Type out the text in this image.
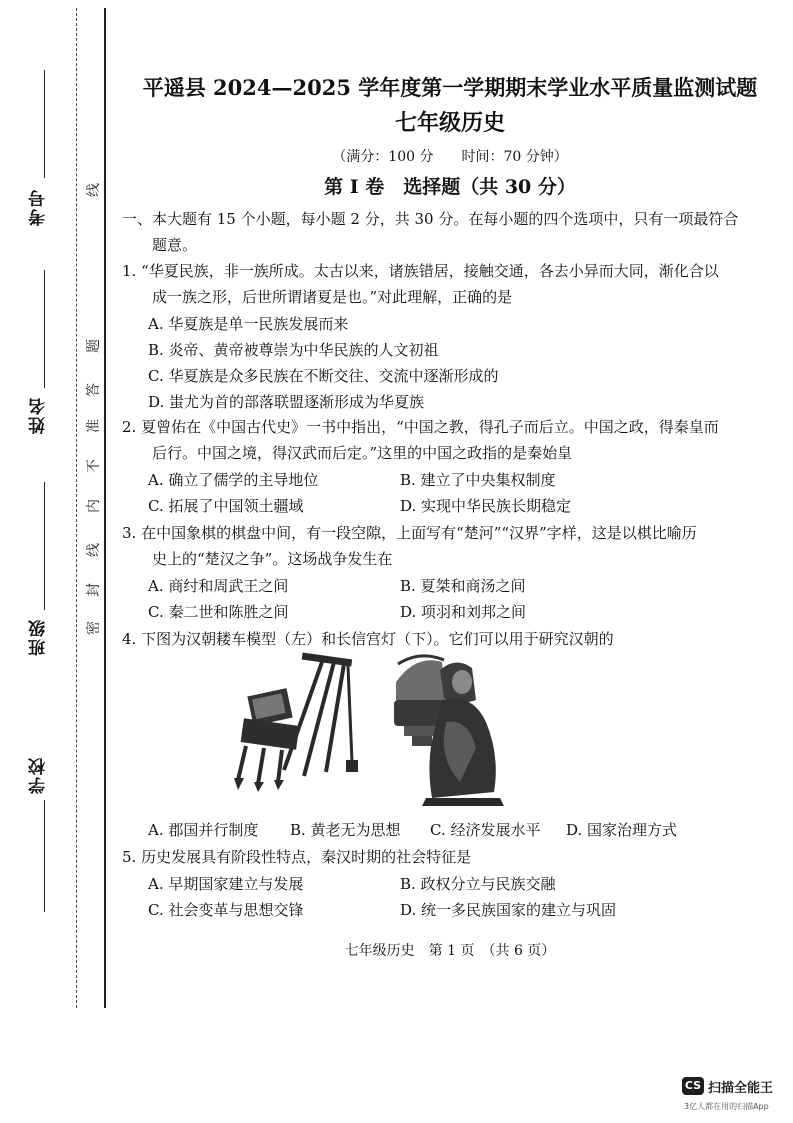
考号
姓名
班级
学校
线
题
答
准
不
内
线
封
密
平遥县 2024—2025 学年度第一学期期末学业水平质量监测试题
七年级历史
（满分：100 分　　时间：70 分钟）
第 I 卷　选择题（共 30 分）
一、本大题有 15 个小题，每小题 2 分，共 30 分。在每小题的四个选项中，只有一项最符合
题意。
1. “华夏民族，非一族所成。太古以来，诸族错居，接触交通，各去小异而大同，渐化合以
成一族之形，后世所谓诸夏是也。”对此理解，正确的是
A. 华夏族是单一民族发展而来
B. 炎帝、黄帝被尊崇为中华民族的人文初祖
C. 华夏族是众多民族在不断交往、交流中逐渐形成的
D. 蚩尤为首的部落联盟逐渐形成为华夏族
2. 夏曾佑在《中国古代史》一书中指出，“中国之教，得孔子而后立。中国之政，得秦皇而
后行。中国之境，得汉武而后定。”这里的中国之政指的是秦始皇
A. 确立了儒学的主导地位	B. 建立了中央集权制度
C. 拓展了中国领土疆域	D. 实现中华民族长期稳定
3. 在中国象棋的棋盘中间，有一段空隙，上面写有“楚河”“汉界”字样，这是以棋比喻历
史上的“楚汉之争”。这场战争发生在
A. 商纣和周武王之间	B. 夏桀和商汤之间
C. 秦二世和陈胜之间	D. 项羽和刘邦之间
4. 下图为汉朝耧车模型（左）和长信宫灯（下）。它们可以用于研究汉朝的
A. 郡国并行制度 B. 黄老无为思想 C. 经济发展水平 D. 国家治理方式
5. 历史发展具有阶段性特点，秦汉时期的社会特征是
A. 早期国家建立与发展	B. 政权分立与民族交融
C. 社会变革与思想交锋	D. 统一多民族国家的建立与巩固
七年级历史　第 1 页　（共 6 页）
CS 扫描全能王
3亿人都在用的扫描App
